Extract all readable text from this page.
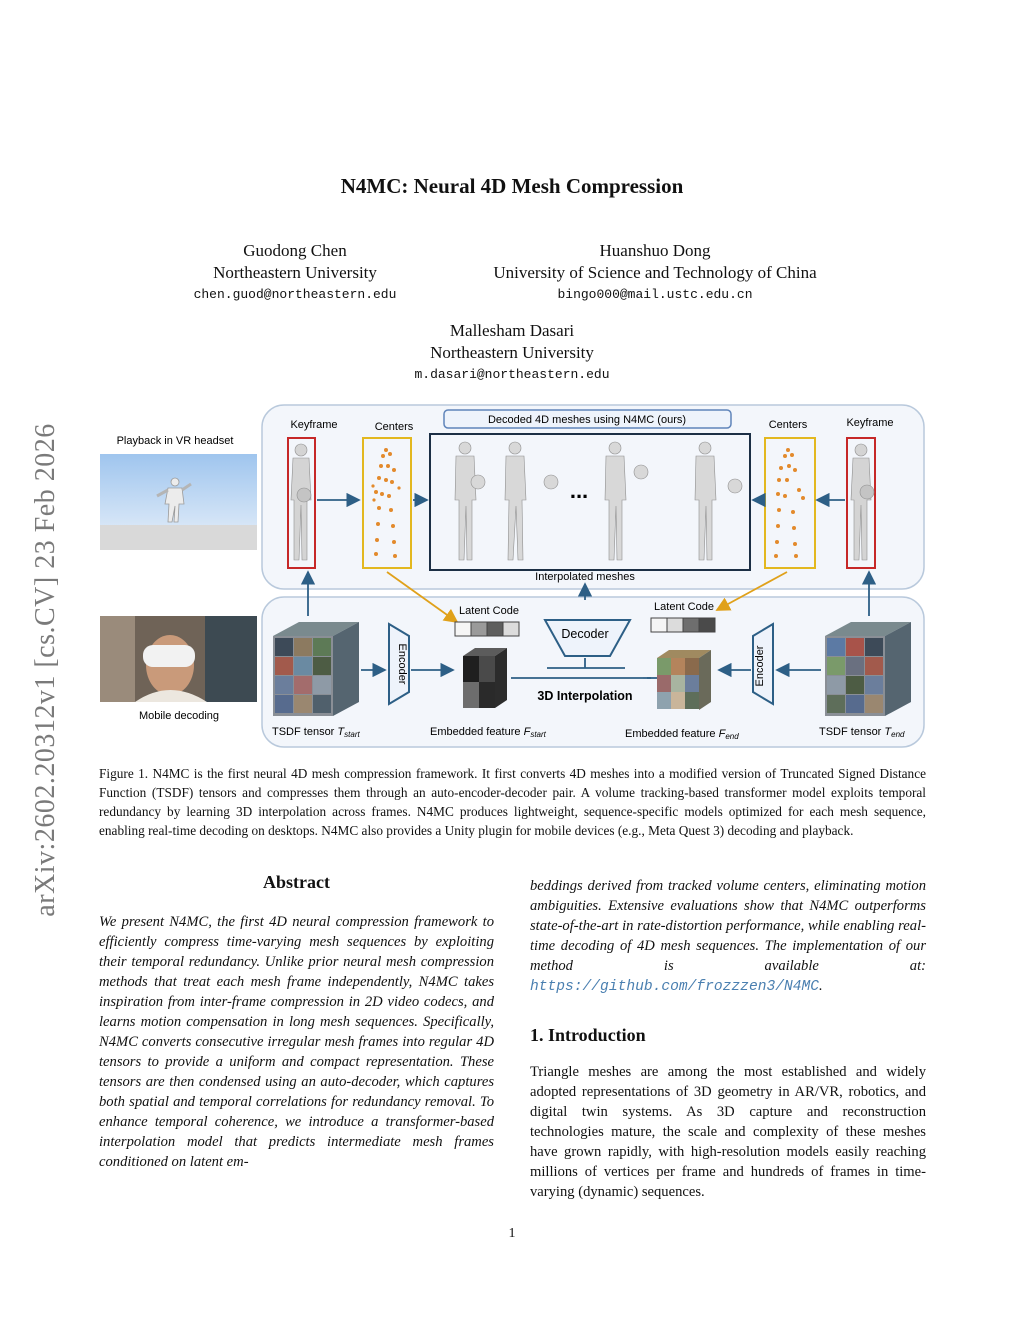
N4MC: Neural 4D Mesh Compression
Guodong Chen
Northeastern University
chen.guod@northeastern.edu
Huanshuo Dong
University of Science and Technology of China
bingo000@mail.ustc.edu.cn
Mallesham Dasari
Northeastern University
m.dasari@northeastern.edu
arXiv:2602.20312v1 [cs.CV] 23 Feb 2026	Playback in VR headset
Mobile decoding
Keyframe	Centers
Decoded 4D meshes using N4MC (ours)	Centers	Keyframe
...
Interpolated meshes
Latent Code	Latent Code
Decoder
Encoder	Encoder
3D Interpolation
TSDF tensor Tstart	Embedded feature Fstart	Embedded feature Fend	TSDF tensor Tend
Figure 1. N4MC is the first neural 4D mesh compression framework. It first converts 4D meshes into a modified version of Truncated Signed Distance Function (TSDF) tensors and compresses them through an auto-encoder-decoder pair. A volume tracking-based transformer model exploits temporal redundancy by learning 3D interpolation across frames. N4MC produces lightweight, sequence-specific models optimized for each mesh sequence, enabling real-time decoding on desktops. N4MC also provides a Unity plugin for mobile devices (e.g., Meta Quest 3) decoding and playback.
Abstract
We present N4MC, the first 4D neural compression framework to efficiently compress time-varying mesh sequences by exploiting their temporal redundancy. Unlike prior neural mesh compression methods that treat each mesh frame independently, N4MC takes inspiration from inter-frame compression in 2D video codecs, and learns motion compensation in long mesh sequences. Specifically, N4MC converts consecutive irregular mesh frames into regular 4D tensors to provide a uniform and compact representation. These tensors are then condensed using an auto-decoder, which captures both spatial and temporal correlations for redundancy removal. To enhance temporal coherence, we introduce a transformer-based interpolation model that predicts intermediate mesh frames conditioned on latent em-
beddings derived from tracked volume centers, eliminating motion ambiguities. Extensive evaluations show that N4MC outperforms state-of-the-art in rate-distortion performance, while enabling real-time decoding of 4D mesh sequences. The implementation of our method is available at: https://github.com/frozzzen3/N4MC.
1. Introduction
Triangle meshes are among the most established and widely adopted representations of 3D geometry in AR/VR, robotics, and digital twin systems. As 3D capture and reconstruction technologies mature, the scale and complexity of these meshes have grown rapidly, with high-resolution models easily reaching millions of vertices per frame and hundreds of frames in time-varying (dynamic) sequences.
1
